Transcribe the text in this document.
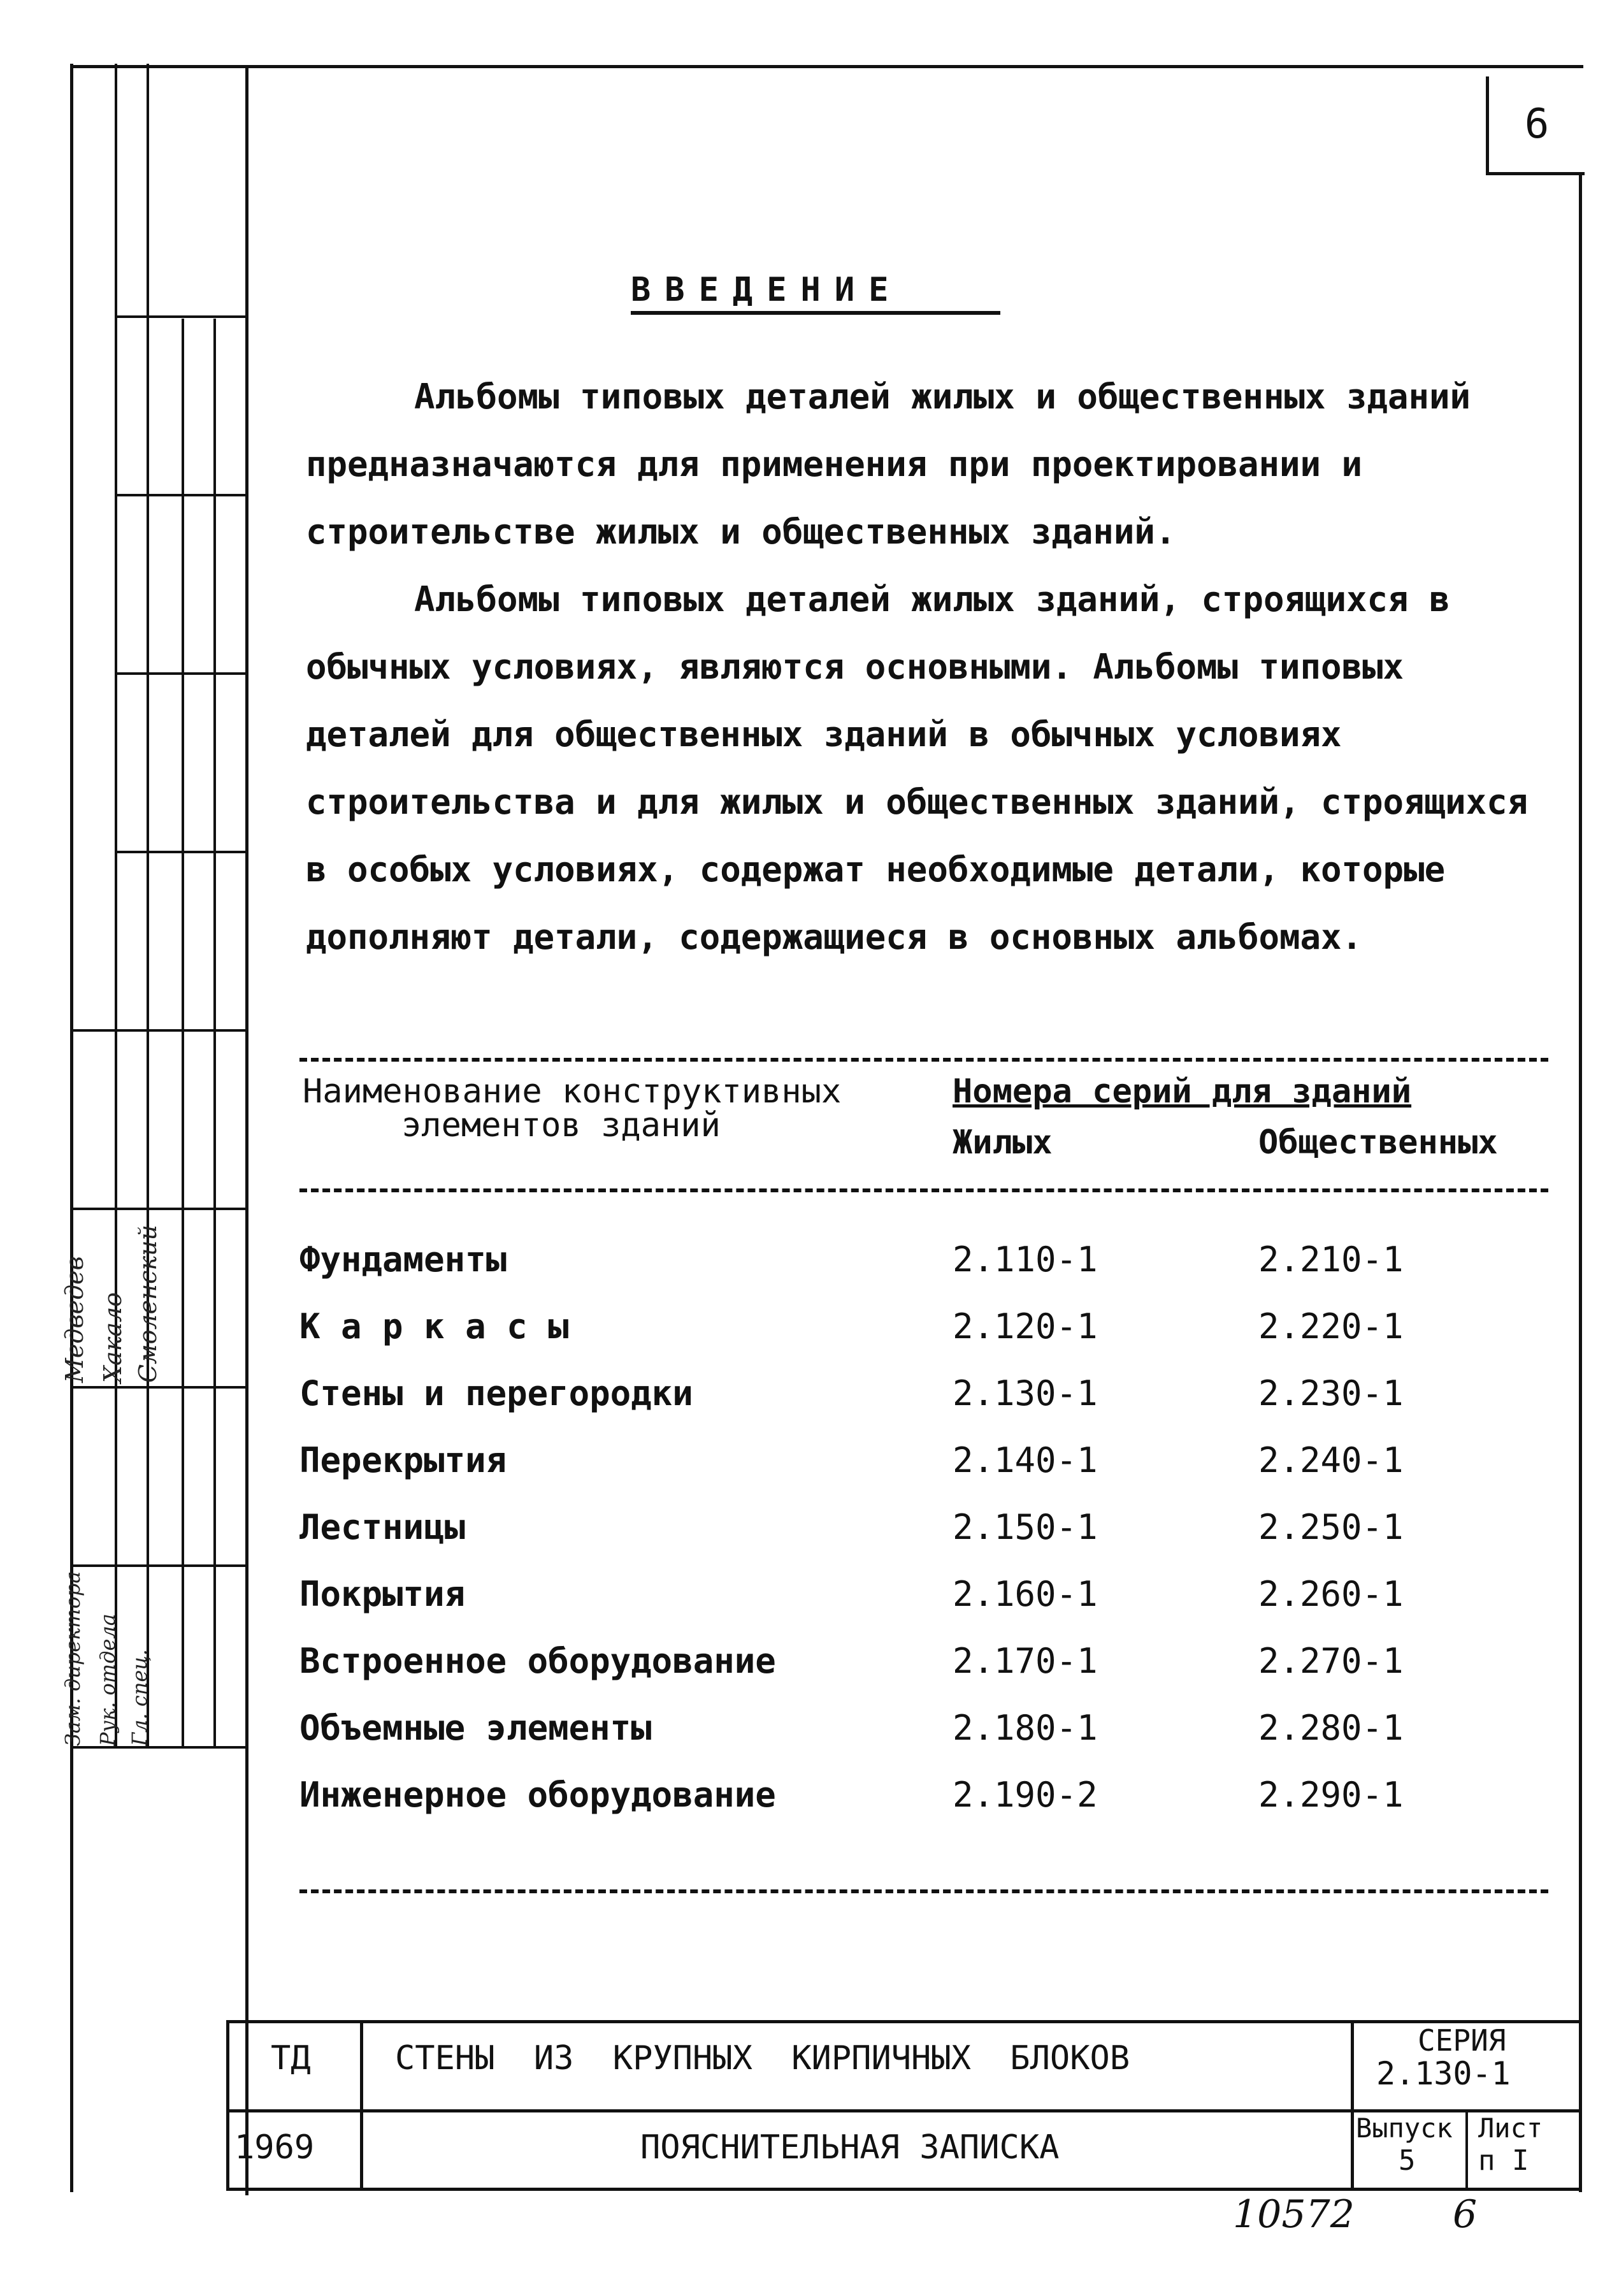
Медведев Хакало Смоленский
Зам. директора Рук. отдела Гл. спец.
6
ВВЕДЕНИЕ

Альбомы типовых деталей жилых и общественных зданий предназначаются для применения при проектировании и строительстве жилых и общественных зданий.

Альбомы типовых деталей жилых зданий, строящихся в обычных условиях, являются основными. Альбомы типовых деталей для общественных зданий в обычных условиях строительства и для жилых и общественных зданий, строящихся в особых условиях, содержат необходимые детали, которые дополняют детали, содержащиеся в основных альбомах.

Наименование конструктивных
элементов зданий
Номера серий для зданий
Жилых	Общественных
Фундаменты	2.110-1	2.210-1
К а р к а с ы	2.120-1	2.220-1
Стены и перегородки	2.130-1	2.230-1
Перекрытия	2.140-1	2.240-1
Лестницы	2.150-1	2.250-1
Покрытия	2.160-1	2.260-1
Встроенное оборудование	2.170-1	2.270-1
Объемные элементы	2.180-1	2.280-1
Инженерное оборудование	2.190-2	2.290-1
ТД	СТЕНЫ ИЗ КРУПНЫХ КИРПИЧНЫХ БЛОКОВ	СЕРИЯ
2.130-1
1969	ПОЯСНИТЕЛЬНАЯ ЗАПИСКА
Выпуск
5
Лист
п I
10572	6
